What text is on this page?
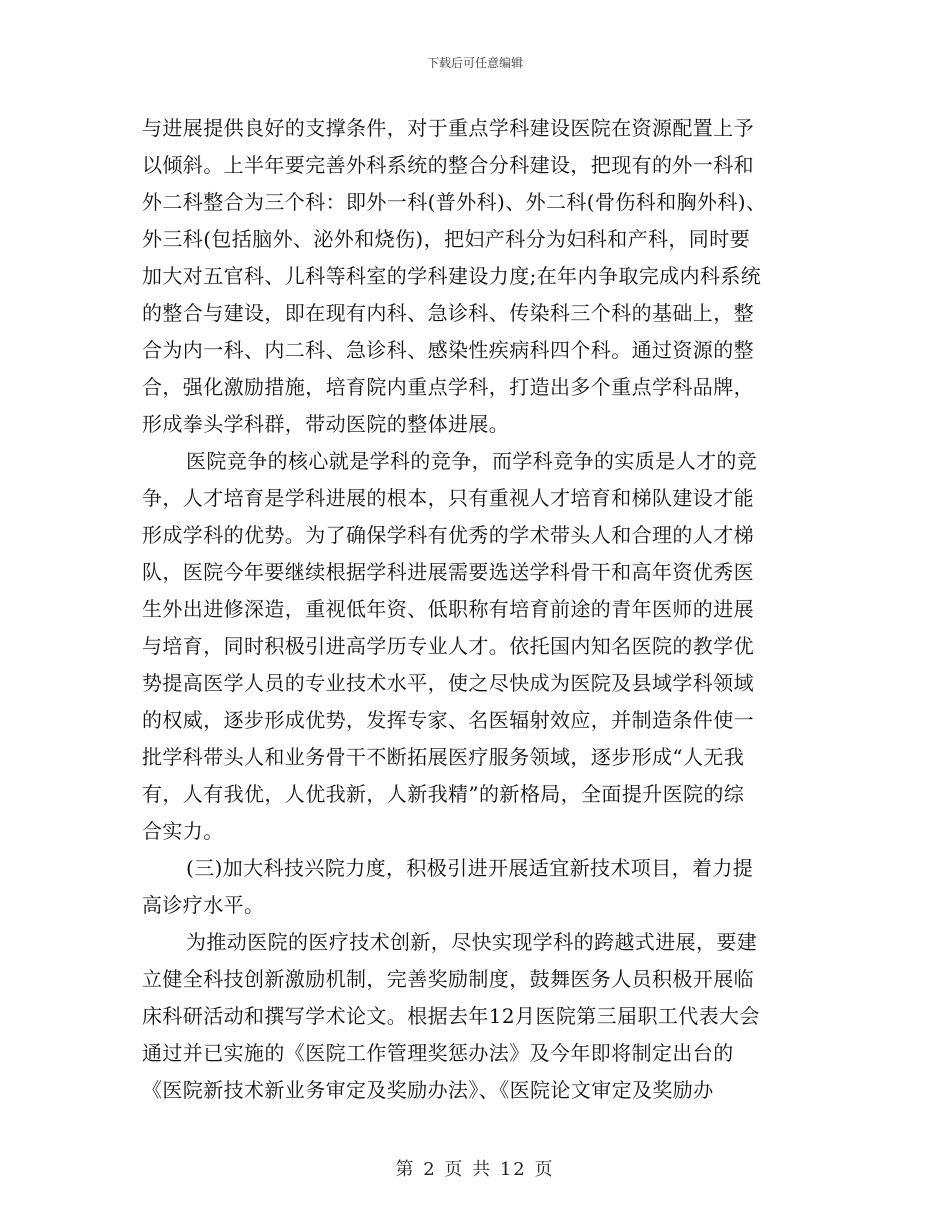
下载后可任意编辑
与进展提供良好的支撑条件，对于重点学科建设医院在资源配置上予
以倾斜。上半年要完善外科系统的整合分科建设，把现有的外一科和
外二科整合为三个科：即外一科(普外科)、外二科(骨伤科和胸外科)、
外三科(包括脑外、泌外和烧伤)，把妇产科分为妇科和产科，同时要
加大对五官科、儿科等科室的学科建设力度;在年内争取完成内科系统
的整合与建设，即在现有内科、急诊科、传染科三个科的基础上，整
合为内一科、内二科、急诊科、感染性疾病科四个科。通过资源的整
合，强化激励措施，培育院内重点学科，打造出多个重点学科品牌，
形成拳头学科群，带动医院的整体进展。
医院竞争的核心就是学科的竞争，而学科竞争的实质是人才的竞
争，人才培育是学科进展的根本，只有重视人才培育和梯队建设才能
形成学科的优势。为了确保学科有优秀的学术带头人和合理的人才梯
队，医院今年要继续根据学科进展需要选送学科骨干和高年资优秀医
生外出进修深造，重视低年资、低职称有培育前途的青年医师的进展
与培育，同时积极引进高学历专业人才。依托国内知名医院的教学优
势提高医学人员的专业技术水平，使之尽快成为医院及县域学科领域
的权威，逐步形成优势，发挥专家、名医辐射效应，并制造条件使一
批学科带头人和业务骨干不断拓展医疗服务领域，逐步形成“人无我
有，人有我优，人优我新，人新我精”的新格局，全面提升医院的综
合实力。
(三)加大科技兴院力度，积极引进开展适宜新技术项目，着力提
高诊疗水平。
为推动医院的医疗技术创新，尽快实现学科的跨越式进展，要建
立健全科技创新激励机制，完善奖励制度，鼓舞医务人员积极开展临
床科研活动和撰写学术论文。根据去年12月医院第三届职工代表大会
通过并已实施的《医院工作管理奖惩办法》及今年即将制定出台的
《医院新技术新业务审定及奖励办法》、《医院论文审定及奖励办
第 2 页 共 12 页
